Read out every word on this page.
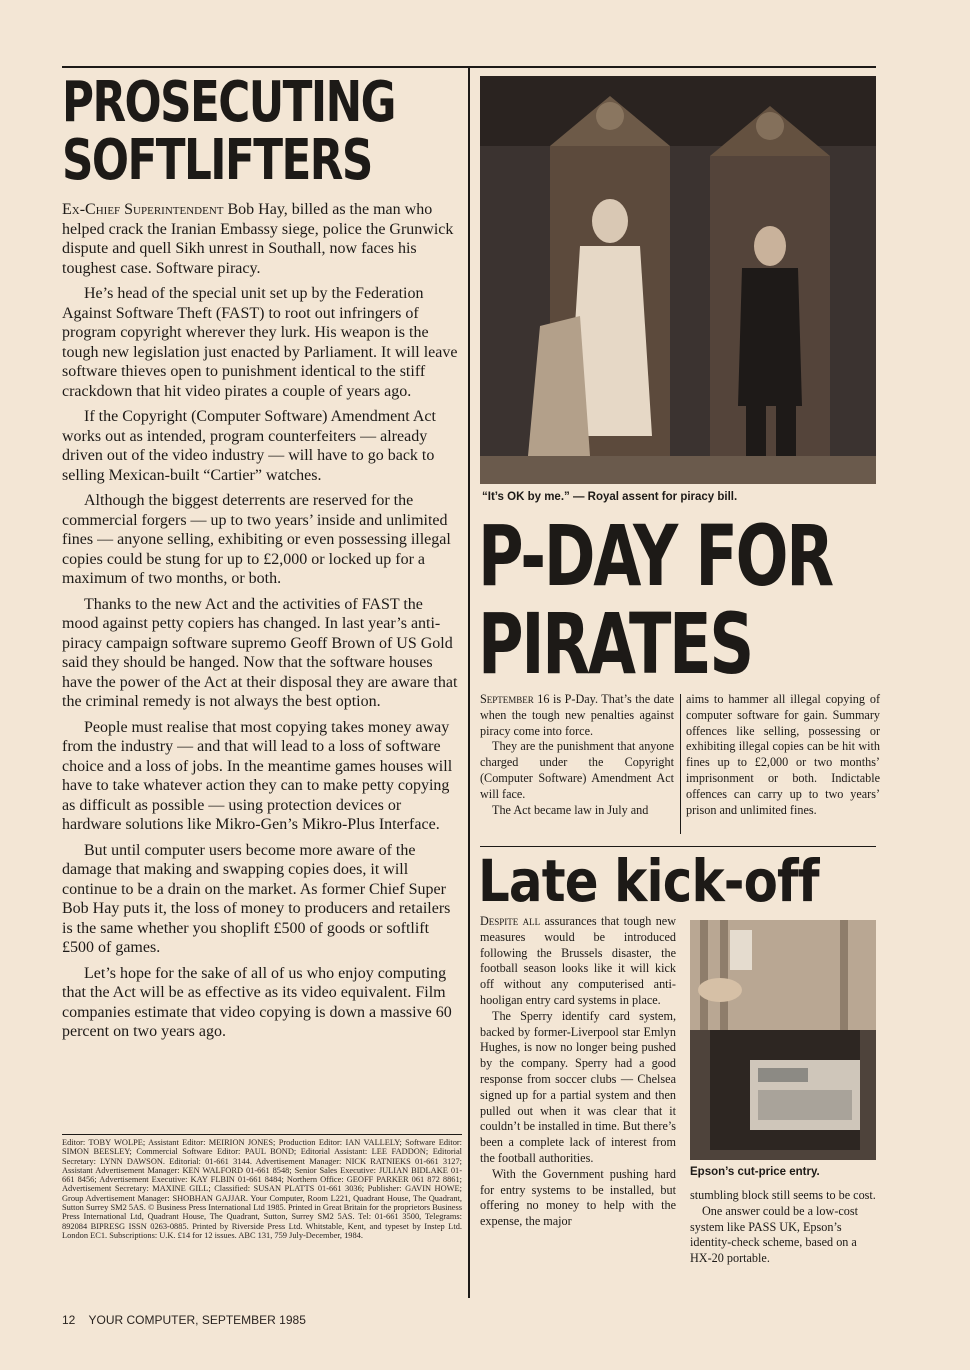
PROSECUTING
SOFTLIFTERS

Ex-Chief Superintendent Bob Hay, billed as the man who helped crack the Iranian Embassy siege, police the Grunwick dispute and quell Sikh unrest in Southall, now faces his toughest case. Software piracy.

He’s head of the special unit set up by the Federation Against Software Theft (FAST) to root out infringers of program copyright wherever they lurk. His weapon is the tough new legislation just enacted by Parliament. It will leave software thieves open to punishment identical to the stiff crackdown that hit video pirates a couple of years ago.

If the Copyright (Computer Software) Amendment Act works out as intended, program counterfeiters — already driven out of the video industry — will have to go back to selling Mexican-built “Cartier” watches.

Although the biggest deterrents are reserved for the commercial forgers — up to two years’ inside and unlimited fines — anyone selling, exhibiting or even possessing illegal copies could be stung for up to £2,000 or locked up for a maximum of two months, or both.

Thanks to the new Act and the activities of FAST the mood against petty copiers has changed. In last year’s anti-piracy campaign software supremo Geoff Brown of US Gold said they should be hanged. Now that the software houses have the power of the Act at their disposal they are aware that the criminal remedy is not always the best option.

People must realise that most copying takes money away from the industry — and that will lead to a loss of software choice and a loss of jobs. In the meantime games houses will have to take whatever action they can to make petty copying as difficult as possible — using protection devices or hardware solutions like Mikro-Gen’s Mikro-Plus Interface.

But until computer users become more aware of the damage that making and swapping copies does, it will continue to be a drain on the market. As former Chief Super Bob Hay puts it, the loss of money to producers and retailers is the same whether you shoplift £500 of goods or softlift £500 of games.

Let’s hope for the sake of all of us who enjoy computing that the Act will be as effective as its video equivalent. Film companies estimate that video copying is down a massive 60 percent on two years ago.

Editor: TOBY WOLPE; Assistant Editor: MEIRION JONES; Production Editor: IAN VALLELY; Software Editor: SIMON BEESLEY; Commercial Software Editor: PAUL BOND; Editorial Assistant: LEE FADDON; Editorial Secretary: LYNN DAWSON. Editorial: 01-661 3144. Advertisement Manager: NICK RATNIEKS 01-661 3127; Assistant Advertisement Manager: KEN WALFORD 01-661 8548; Senior Sales Executive: JULIAN BIDLAKE 01-661 8456; Advertisement Executive: KAY FLBIN 01-661 8484; Northern Office: GEOFF PARKER 061 872 8861; Advertisement Secretary: MAXINE GILL; Classified: SUSAN PLATTS 01-661 3036; Publisher: GAVIN HOWE; Group Advertisement Manager: SHOBHAN GAJJAR. Your Computer, Room L221, Quadrant House, The Quadrant, Sutton Surrey SM2 5AS. © Business Press International Ltd 1985. Printed in Great Britain for the proprietors Business Press International Ltd, Quadrant House, The Quadrant, Sutton, Surrey SM2 5AS. Tel: 01-661 3500, Telegrams: 892084 BIPRESG ISSN 0263-0885. Printed by Riverside Press Ltd. Whitstable, Kent, and typeset by Instep Ltd. London EC1. Subscriptions: U.K. £14 for 12 issues. ABC 131, 759 July-December, 1984.
12 YOUR COMPUTER, SEPTEMBER 1985
“It’s OK by me.” — Royal assent for piracy bill.
P-DAY FOR
PIRATES

September 16 is P-Day. That’s the date when the tough new penalties against piracy come into force.

They are the punishment that anyone charged under the Copyright (Computer Software) Amendment Act will face.

The Act became law in July and

aims to hammer all illegal copying of computer software for gain. Summary offences like selling, possessing or exhibiting illegal copies can be hit with fines up to £2,000 or two months’ imprisonment or both. Indictable offences can carry up to two years’ prison and unlimited fines.

Late kick-off

Despite all assurances that tough new measures would be introduced following the Brussels disaster, the football season looks like it will kick off without any computerised anti-hooligan entry card systems in place.

The Sperry identify card system, backed by former-Liverpool star Emlyn Hughes, is now no longer being pushed by the company. Sperry had a good response from soccer clubs — Chelsea signed up for a partial system and then pulled out when it was clear that it couldn’t be installed in time. But there’s been a complete lack of interest from the football authorities.

With the Government pushing hard for entry systems to be installed, but offering no money to help with the expense, the major

Epson’s cut-price entry.

stumbling block still seems to be cost.

One answer could be a low-cost system like PASS UK, Epson’s identity-check scheme, based on a HX-20 portable.
